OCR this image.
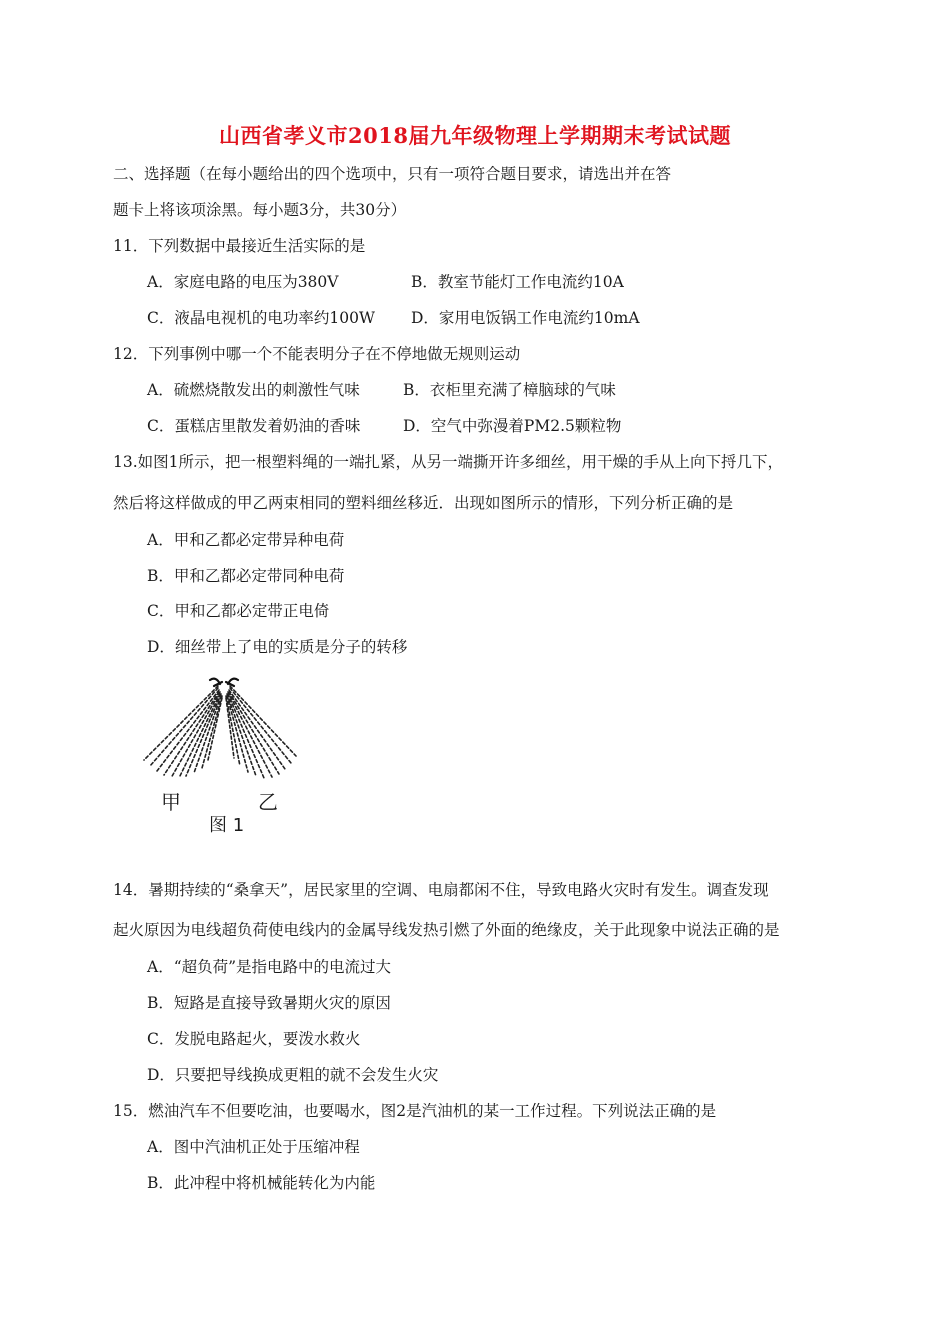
山西省孝义市2018届九年级物理上学期期末考试试题
二、选择题（在每小题给出的四个选项中，只有一项符合题目要求，请选出并在答
题卡上将该项涂黑。每小题3分，共30分）
11．下列数据中最接近生活实际的是
A．家庭电路的电压为380V	B．教室节能灯工作电流约10A
C．液晶电视机的电功率约100W D．家用电饭锅工作电流约10mA
12．下列事例中哪一个不能表明分子在不停地做无规则运动
A．硫燃烧散发出的刺激性气味	B．衣柜里充满了樟脑球的气味
C．蛋糕店里散发着奶油的香味	D．空气中弥漫着PM2.5颗粒物
13.如图1所示，把一根塑料绳的一端扎紧，从另一端撕开许多细丝，用干燥的手从上向下捋几下，
然后将这样做成的甲乙两束相同的塑料细丝移近．出现如图所示的情形，下列分析正确的是
A．甲和乙都必定带异种电荷
B．甲和乙都必定带同种电荷
C．甲和乙都必定带正电倚
D．细丝带上了电的实质是分子的转移
甲	乙
图 1
14．暑期持续的“桑拿天”，居民家里的空调、电扇都闲不住，导致电路火灾时有发生。调查发现
起火原因为电线超负荷使电线内的金属导线发热引燃了外面的绝缘皮，关于此现象中说法正确的是
A．“超负荷”是指电路中的电流过大
B．短路是直接导致暑期火灾的原因
C．发脱电路起火，要泼水救火
D．只要把导线换成更粗的就不会发生火灾
15．燃油汽车不但要吃油，也要喝水，图2是汽油机的某一工作过程。下列说法正确的是
A．图中汽油机正处于压缩冲程
B．此冲程中将机械能转化为内能
